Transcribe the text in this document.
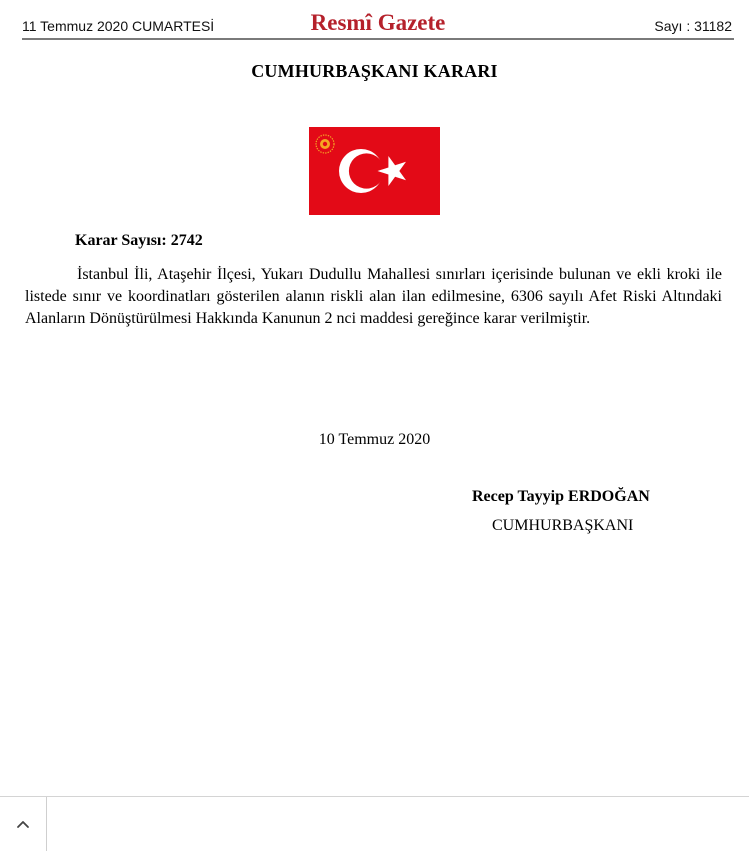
11 Temmuz 2020 CUMARTESİ	Resmî Gazete	Sayı : 31182
CUMHURBAŞKANI KARARI
Karar Sayısı: 2742
İstanbul İli, Ataşehir İlçesi, Yukarı Dudullu Mahallesi sınırları içerisinde bulunan ve ekli kroki ile listede sınır ve koordinatları gösterilen alanın riskli alan ilan edilmesine, 6306 sayılı Afet Riski Altındaki Alanların Dönüştürülmesi Hakkında Kanunun 2 nci maddesi gereğince karar verilmiştir.
10 Temmuz 2020
Recep Tayyip ERDOĞAN
CUMHURBAŞKANI
